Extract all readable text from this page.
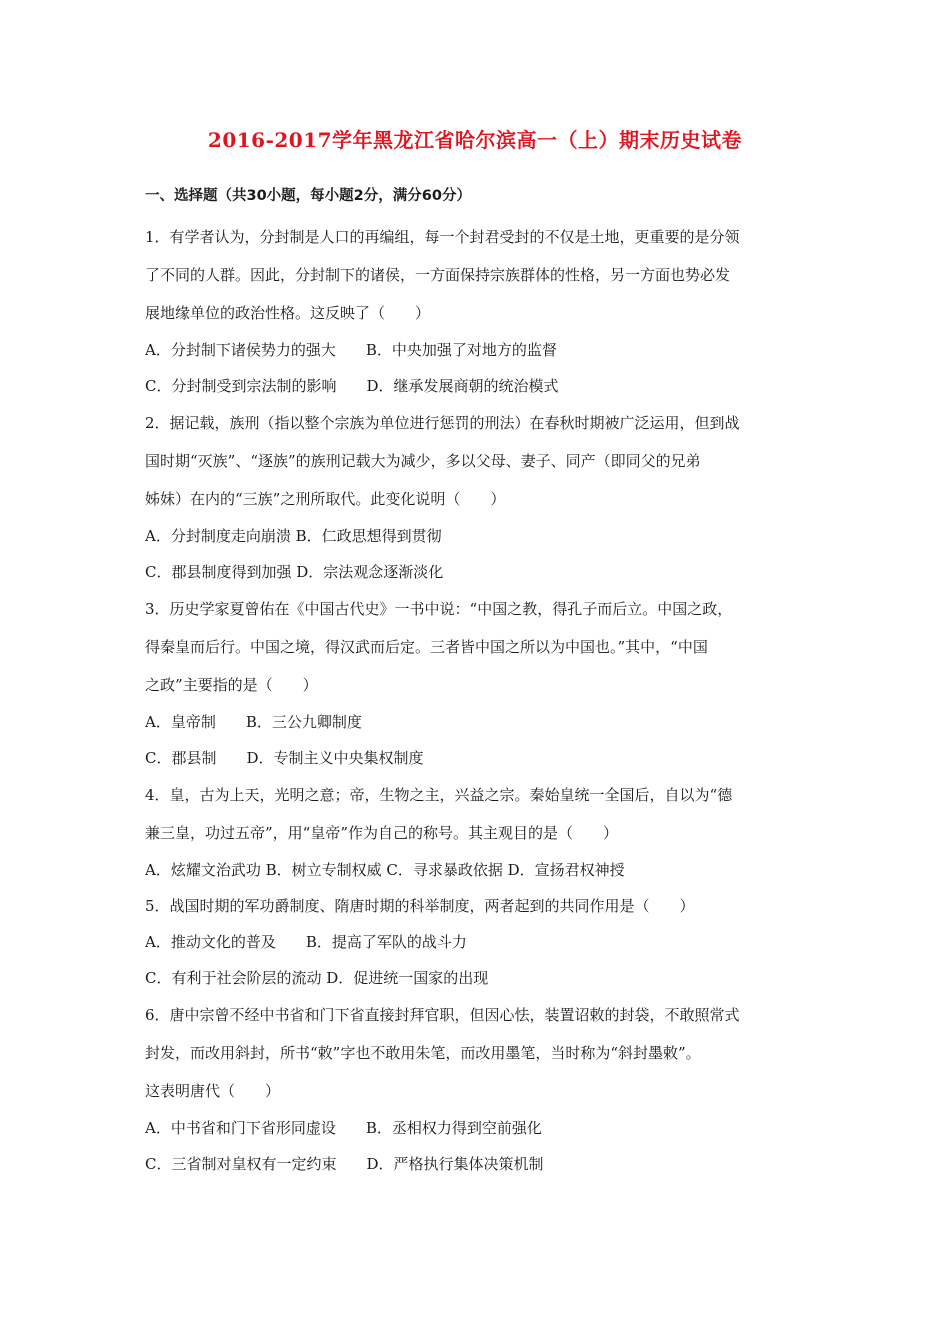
2016-2017学年黑龙江省哈尔滨高一（上）期末历史试卷
一、选择题（共30小题，每小题2分，满分60分）
1．有学者认为，分封制是人口的再编组，每一个封君受封的不仅是土地，更重要的是分领
了不同的人群。因此，分封制下的诸侯，一方面保持宗族群体的性格，另一方面也势必发
展地缘单位的政治性格。这反映了（　　）
A．分封制下诸侯势力的强大　　B．中央加强了对地方的监督
C．分封制受到宗法制的影响　　D．继承发展商朝的统治模式
2．据记载，族刑（指以整个宗族为单位进行惩罚的刑法）在春秋时期被广泛运用，但到战
国时期“灭族”、“逐族”的族刑记载大为减少，多以父母、妻子、同产（即同父的兄弟
姊妹）在内的“三族”之刑所取代。此变化说明（　　）
A．分封制度走向崩溃 B．仁政思想得到贯彻
C．郡县制度得到加强 D．宗法观念逐渐淡化
3．历史学家夏曾佑在《中国古代史》一书中说：“中国之教，得孔子而后立。中国之政，
得秦皇而后行。中国之境，得汉武而后定。三者皆中国之所以为中国也。”其中，“中国
之政”主要指的是（　　）
A．皇帝制　　B．三公九卿制度
C．郡县制　　D．专制主义中央集权制度
4．皇，古为上天，光明之意；帝，生物之主，兴益之宗。秦始皇统一全国后，自以为“德
兼三皇，功过五帝”，用“皇帝”作为自己的称号。其主观目的是（　　）
A．炫耀文治武功 B．树立专制权威 C．寻求暴政依据 D．宣扬君权神授
5．战国时期的军功爵制度、隋唐时期的科举制度，两者起到的共同作用是（　　）
A．推动文化的普及　　B．提高了军队的战斗力
C．有利于社会阶层的流动 D．促进统一国家的出现
6．唐中宗曾不经中书省和门下省直接封拜官职，但因心怯，装置诏敕的封袋，不敢照常式
封发，而改用斜封，所书“敕”字也不敢用朱笔，而改用墨笔，当时称为“斜封墨敕”。
这表明唐代（　　）
A．中书省和门下省形同虚设　　B．丞相权力得到空前强化
C．三省制对皇权有一定约束　　D．严格执行集体决策机制
